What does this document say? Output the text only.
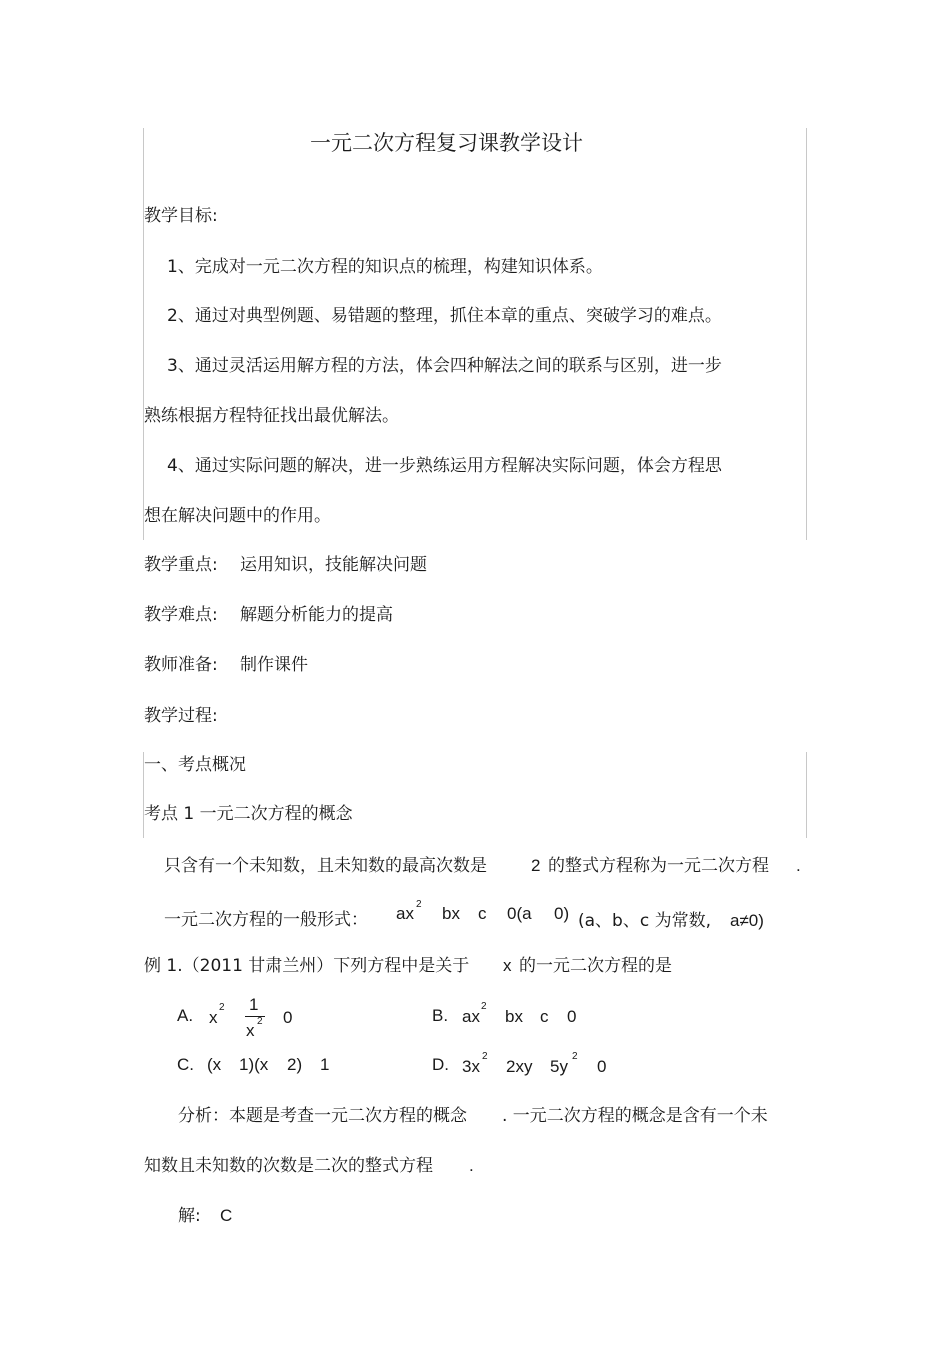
一元二次方程复习课教学设计
教学目标:
1、完成对一元二次方程的知识点的梳理，构建知识体系。
2、通过对典型例题、易错题的整理，抓住本章的重点、突破学习的难点。
3、通过灵活运用解方程的方法，体会四种解法之间的联系与区别，进一步
熟练根据方程特征找出最优解法。
4、通过实际问题的解决，进一步熟练运用方程解决实际问题，体会方程思
想在解决问题中的作用。
教学重点: 运用知识，技能解决问题
教学难点: 解题分析能力的提高
教师准备: 制作课件
教学过程:
一、考点概况
考点 1 一元二次方程的概念
只含有一个未知数，且未知数的最高次数是	2 的整式方程称为一元二次方程 .
一元二次方程的一般形式： ax 2 bx c 0(a 0) (a、b、c 为常数, a≠0)
例 1.（2011 甘肃兰州）下列方程中是关于 x 的一元二次方程的是
A. x
2 1
x 2 0	B. ax
2
bx c 0
C. (x 1)(x 2) 1	D. 3x
2
2xy 5y
2
0
分析：本题是考查一元二次方程的概念 . 一元二次方程的概念是含有一个未
知数且未知数的次数是二次的整式方程 .
解: C
